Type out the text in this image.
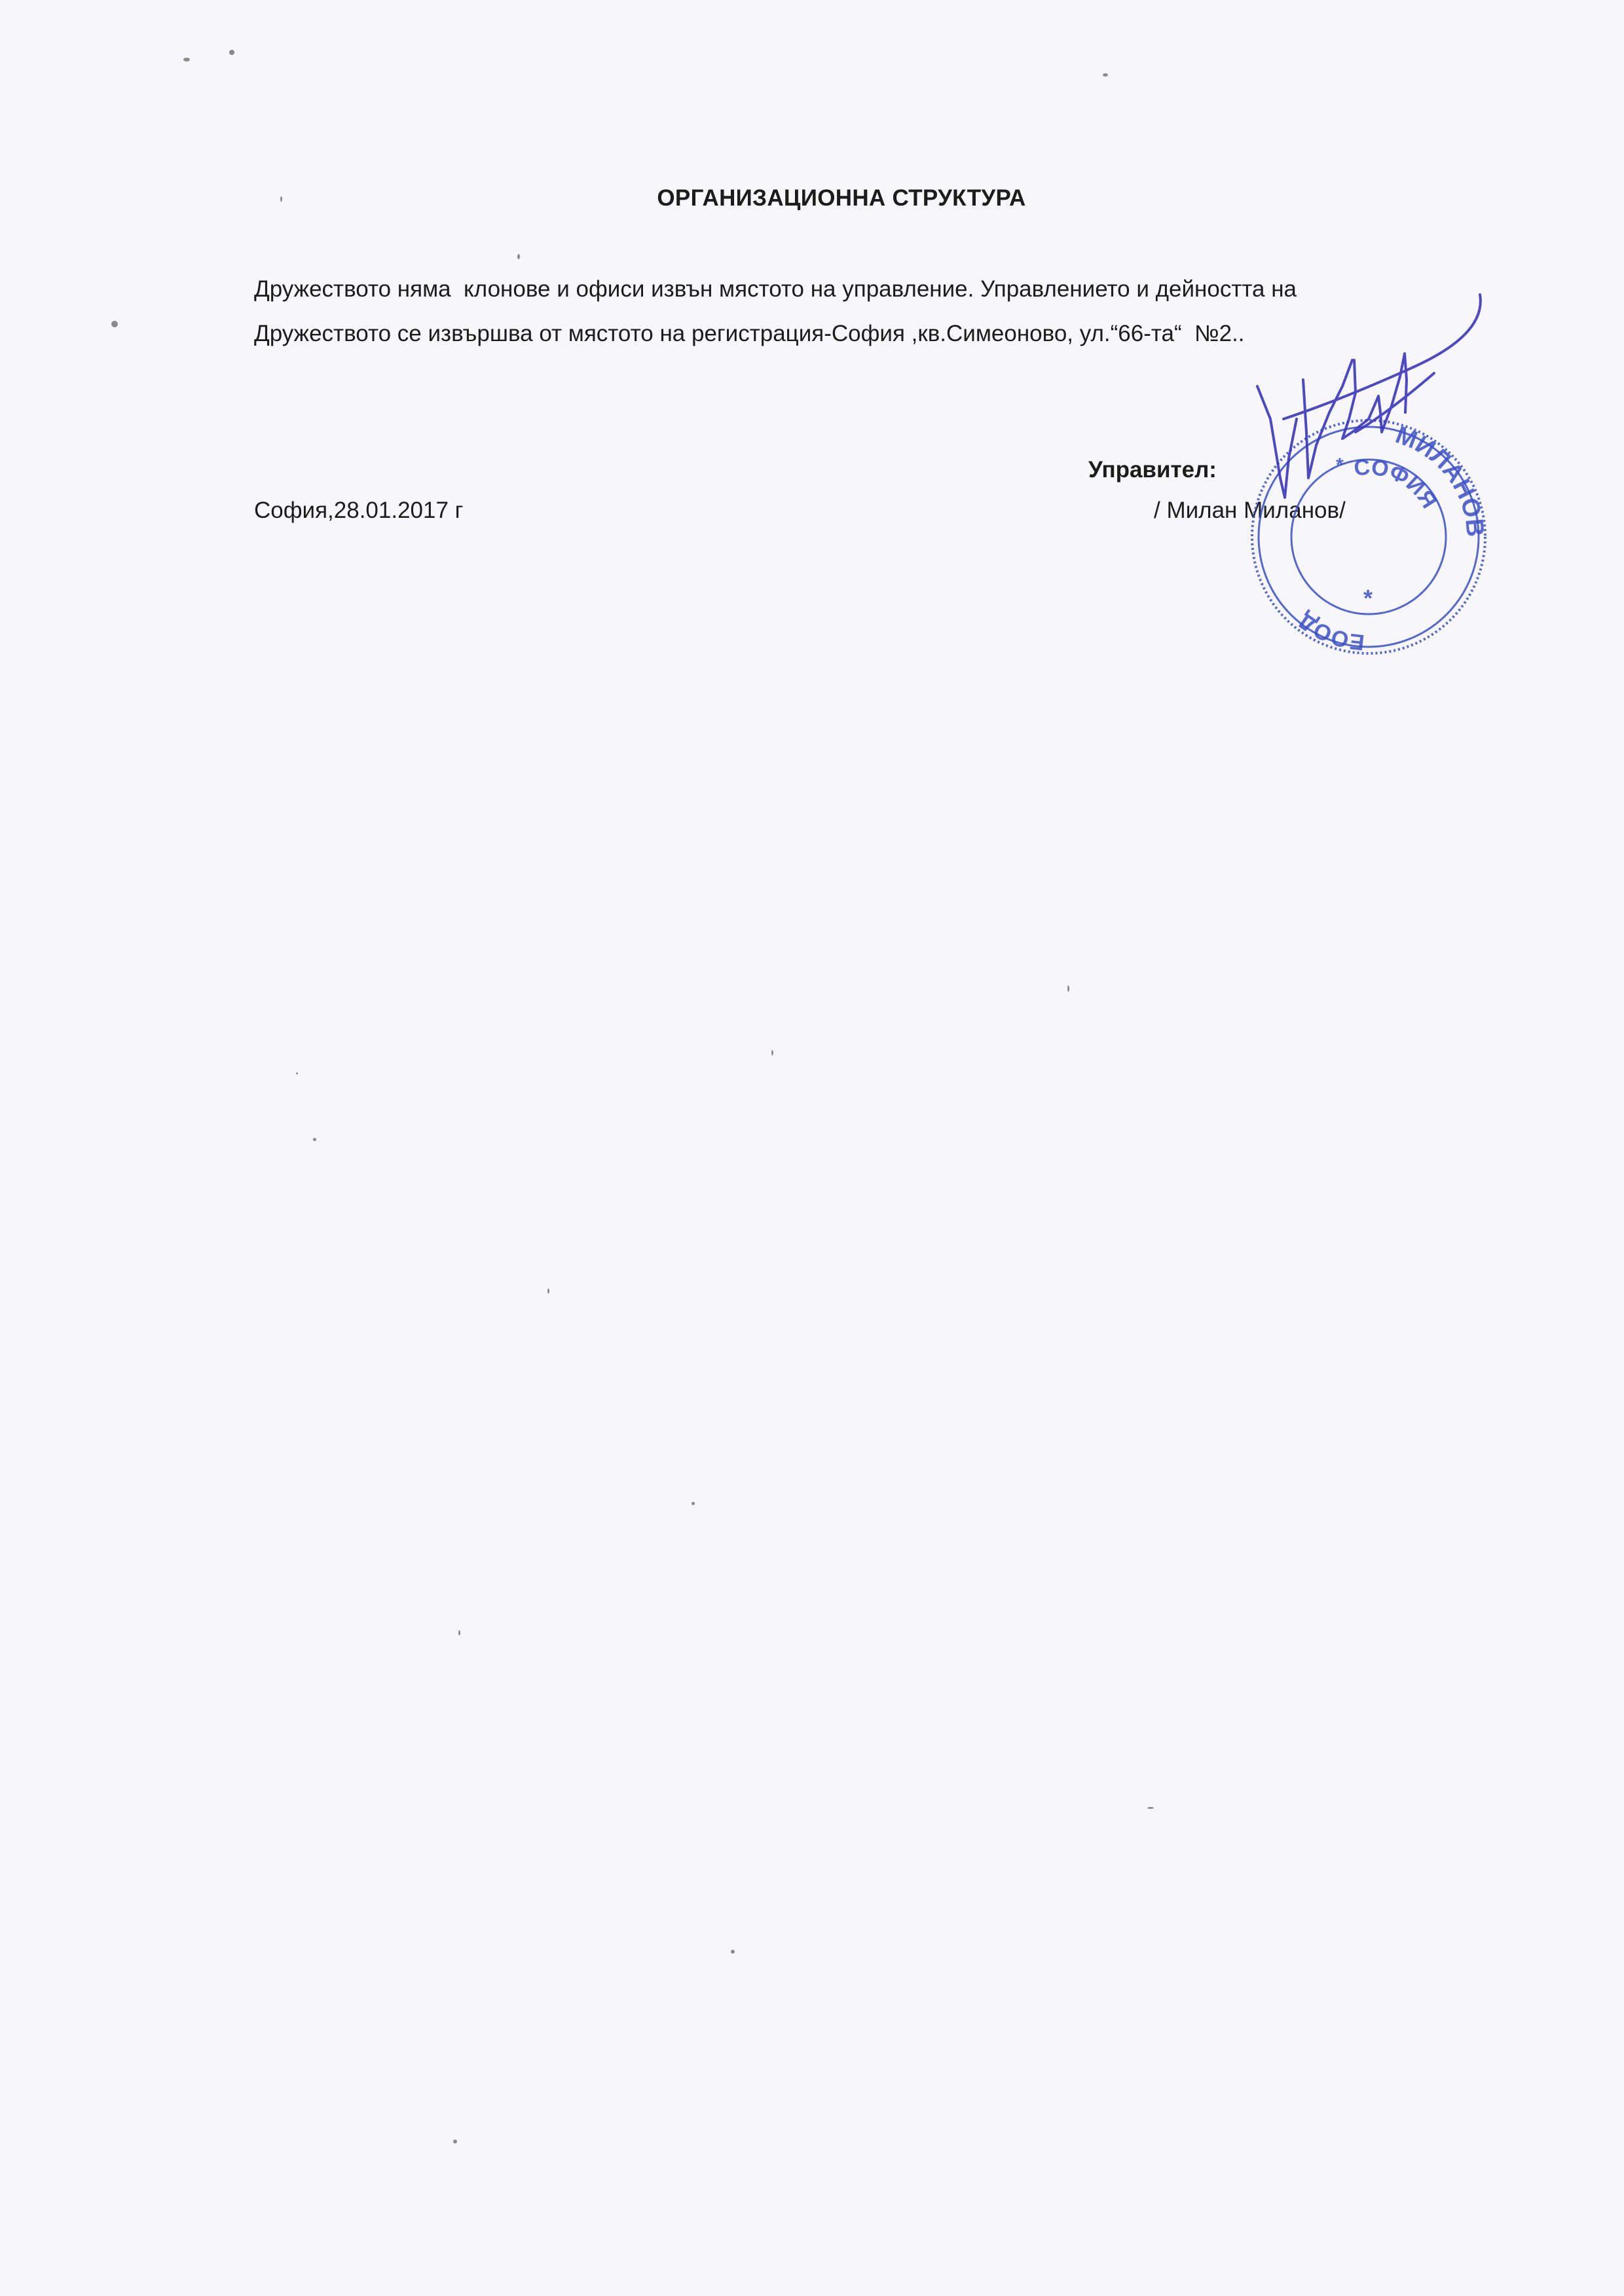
ОРГАНИЗАЦИОННА СТРУКТУРА
Дружеството няма  клонове и офиси извън мястото на управление. Управлението и дейността на
Дружеството се извършва от мястото на регистрация-София ,кв.Симеоново, ул.“66-та“  №2..
Управител:
София,28.01.2017 г	/ Милан Миланов/
МИЛАНОВ
ЕООД
СОФИЯ
*
*
